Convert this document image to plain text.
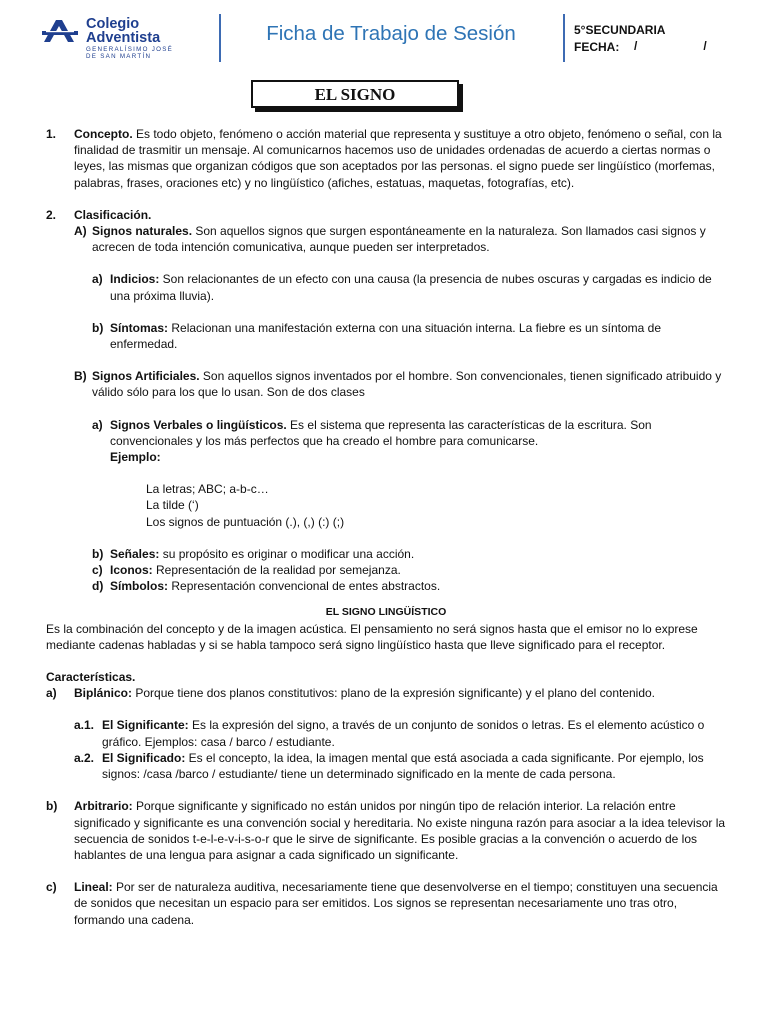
Colegio
Adventista
GENERALÍSIMO JOSÉ
DE SAN MARTÍN
Ficha de Trabajo de Sesión	5°SECUNDARIA
FECHA: /   /
EL SIGNO
1. Concepto. Es todo objeto, fenómeno o acción material que representa y sustituye a otro objeto, fenómeno o señal, con la finalidad de trasmitir un mensaje. Al comunicarnos hacemos uso de unidades ordenadas de acuerdo a ciertas normas o leyes, las mismas que organizan códigos que son aceptados por las personas. el signo puede ser lingüístico (morfemas, palabras, frases, oraciones etc) y no lingüístico (afiches, estatuas, maquetas, fotografías, etc).
2. Clasificación.
A) Signos naturales. Son aquellos signos que surgen espontáneamente en la naturaleza. Son llamados casi signos y acrecen de toda intención comunicativa, aunque pueden ser interpretados.
a) Indicios: Son relacionantes de un efecto con una causa (la presencia de nubes oscuras y cargadas es indicio de una próxima lluvia).
b) Síntomas: Relacionan una manifestación externa con una situación interna. La fiebre es un síntoma de enfermedad.
B) Signos Artificiales. Son aquellos signos inventados por el hombre. Son convencionales, tienen significado atribuido y válido sólo para los que lo usan. Son de dos clases
a) Signos Verbales o lingüísticos. Es el sistema que representa las características de la escritura. Son convencionales y los más perfectos que ha creado el hombre para comunicarse.
Ejemplo:
La letras; ABC; a-b-c…
La tilde (‘)
Los signos de puntuación (.), (,) (:) (;)
b) Señales: su propósito es originar o modificar una acción.
c) Iconos: Representación de la realidad por semejanza.
d) Símbolos: Representación convencional de entes abstractos.
EL SIGNO LINGÜÍSTICO
Es la combinación del concepto y de la imagen acústica. El pensamiento no será signos hasta que el emisor no lo exprese mediante cadenas habladas y si se habla tampoco será signo lingüístico hasta que lleve significado para el receptor.
Características.
a) Biplánico: Porque tiene dos planos constitutivos: plano de la expresión significante) y el plano del contenido.
a.1. El Significante: Es la expresión del signo, a través de un conjunto de sonidos o letras. Es el elemento acústico o gráfico. Ejemplos: casa / barco / estudiante.
a.2. El Significado: Es el concepto, la idea, la imagen mental que está asociada a cada significante. Por ejemplo, los signos: /casa /barco / estudiante/ tiene un determinado significado en la mente de cada persona.
b) Arbitrario: Porque significante y significado no están unidos por ningún tipo de relación interior. La relación entre significado y significante es una convención social y hereditaria. No existe ninguna razón para asociar a la idea televisor la secuencia de sonidos t-e-l-e-v-i-s-o-r que le sirve de significante. Es posible gracias a la convención o acuerdo de los hablantes de una lengua para asignar a cada significado un significante.
c) Lineal: Por ser de naturaleza auditiva, necesariamente tiene que desenvolverse en el tiempo; constituyen una secuencia de sonidos que necesitan un espacio para ser emitidos. Los signos se representan necesariamente uno tras otro, formando una cadena.
